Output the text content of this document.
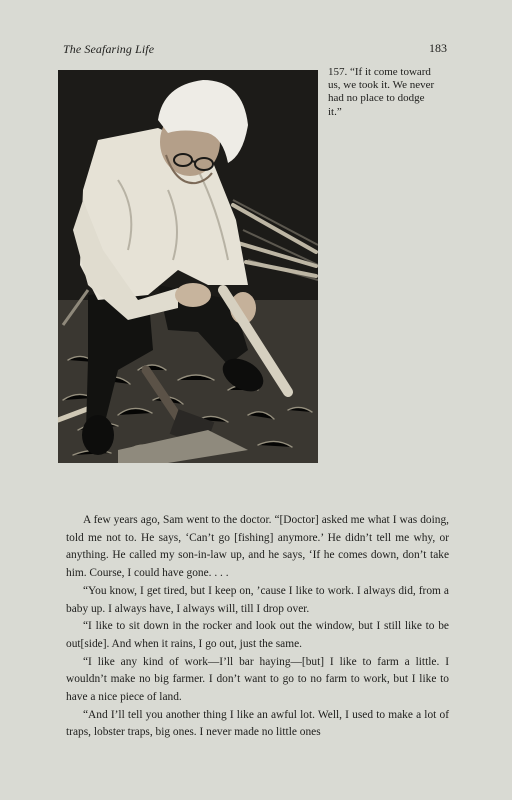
The Seafaring Life	183
157. “If it come toward us, we took it. We never had no place to dodge it.”

A few years ago, Sam went to the doctor. “[Doctor] asked me what I was doing, told me not to. He says, ‘Can’t go [fishing] anymore.’ He didn’t tell me why, or anything. He called my son-in-law up, and he says, ‘If he comes down, don’t take him. Course, I could have gone. . . .

“You know, I get tired, but I keep on, ’cause I like to work. I always did, from a baby up. I always have, I always will, till I drop over.

“I like to sit down in the rocker and look out the window, but I still like to be out[side]. And when it rains, I go out, just the same.

“I like any kind of work—I’ll bar haying—[but] I like to farm a little. I wouldn’t make no big farmer. I don’t want to go to no farm to work, but I like to have a nice piece of land.

“And I’ll tell you another thing I like an awful lot. Well, I used to make a lot of traps, lobster traps, big ones. I never made no little ones
